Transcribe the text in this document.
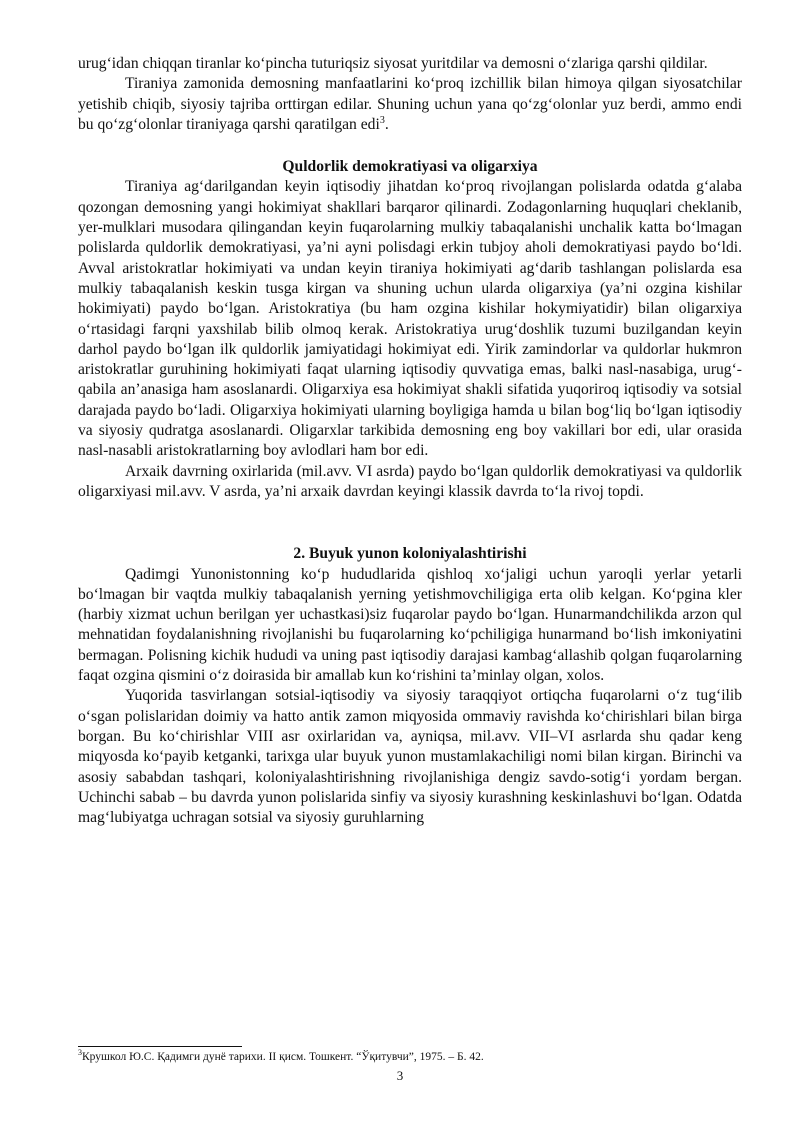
urug‘idan chiqqan tiranlar ko‘pincha tuturiqsiz siyosat yuritdilar va demosni o‘zlariga qarshi qildilar.

Tiraniya zamonida demosning manfaatlarini ko‘proq izchillik bilan himoya qilgan siyosatchilar yetishib chiqib, siyosiy tajriba orttirgan edilar. Shuning uchun yana qo‘zg‘olonlar yuz berdi, ammo endi bu qo‘zg‘olonlar tiraniyaga qarshi qaratilgan edi$^3$.

Quldorlik demokratiyasi va oligarxiya

Tiraniya ag‘darilgandan keyin iqtisodiy jihatdan ko‘proq rivojlangan polislarda odatda g‘alaba qozongan demosning yangi hokimiyat shakllari barqaror qilinardi. Zodagonlarning huquqlari cheklanib, yer-mulklari musodara qilingandan keyin fuqarolarning mulkiy tabaqalanishi unchalik katta bo‘lmagan polislarda quldorlik demokratiyasi, ya’ni ayni polisdagi erkin tubjoy aholi demokratiyasi paydo bo‘ldi. Avval aristokratlar hokimiyati va undan keyin tiraniya hokimiyati ag‘darib tashlangan polislarda esa mulkiy tabaqalanish keskin tusga kirgan va shuning uchun ularda oligarxiya (ya’ni ozgina kishilar hokimiyati) paydo bo‘lgan. Aristokratiya (bu ham ozgina kishilar hokymiyatidir) bilan oligarxiya o‘rtasidagi farqni yaxshilab bilib olmoq kerak. Aristokratiya urug‘doshlik tuzumi buzilgandan keyin darhol paydo bo‘lgan ilk quldorlik jamiyatidagi hokimiyat edi. Yirik zamindorlar va quldorlar hukmron aristokratlar guruhining hokimiyati faqat ularning iqtisodiy quvvatiga emas, balki nasl-nasabiga, urug‘-qabila an’anasiga ham asoslanardi. Oligarxiya esa hokimiyat shakli sifatida yuqoriroq iqtisodiy va sotsial darajada paydo bo‘ladi. Oligarxiya hokimiyati ularning boyligiga hamda u bilan bog‘liq bo‘lgan iqtisodiy va siyosiy qudratga asoslanardi. Oligarxlar tarkibida demosning eng boy vakillari bor edi, ular orasida nasl-nasabli aristokratlarning boy avlodlari ham bor edi.

Arxaik davrning oxirlarida (mil.avv. VI asrda) paydo bo‘lgan quldorlik demokratiyasi va quldorlik oligarxiyasi mil.avv. V asrda, ya’ni arxaik davrdan keyingi klassik davrda to‘la rivoj topdi.

2. Buyuk yunon koloniyalashtirishi

Qadimgi Yunonistonning ko‘p hududlarida qishloq xo‘jaligi uchun yaroqli yerlar yetarli bo‘lmagan bir vaqtda mulkiy tabaqalanish yerning yetishmovchiligiga erta olib kelgan. Ko‘pgina kler (harbiy xizmat uchun berilgan yer uchastkasi)siz fuqarolar paydo bo‘lgan. Hunarmandchilikda arzon qul mehnatidan foydalanishning rivojlanishi bu fuqarolarning ko‘pchiligiga hunarmand bo‘lish imkoniyatini bermagan. Polisning kichik hududi va uning past iqtisodiy darajasi kambag‘allashib qolgan fuqarolarning faqat ozgina qismini o‘z doirasida bir amallab kun ko‘rishini ta’minlay olgan, xolos.

Yuqorida tasvirlangan sotsial-iqtisodiy va siyosiy taraqqiyot ortiqcha fuqarolarni o‘z tug‘ilib o‘sgan polislaridan doimiy va hatto antik zamon miqyosida ommaviy ravishda ko‘chirishlari bilan birga borgan. Bu ko‘chirishlar VIII asr oxirlaridan va, ayniqsa, mil.avv. VII–VI asrlarda shu qadar keng miqyosda ko‘payib ketganki, tarixga ular buyuk yunon mustamlakachiligi nomi bilan kirgan. Birinchi va asosiy sababdan tashqari, koloniyalashtirishning rivojlanishiga dengiz savdo-sotig‘i yordam bergan. Uchinchi sabab – bu davrda yunon polislarida sinfiy va siyosiy kurashning keskinlashuvi bo‘lgan. Odatda mag‘lubiyatga uchragan sotsial va siyosiy guruhlarning

$^3$Крушкол Ю.С. Қадимги дунё тарихи. II қисм. Тошкент. “Ўқитувчи”, 1975. – Б. 42.
3
